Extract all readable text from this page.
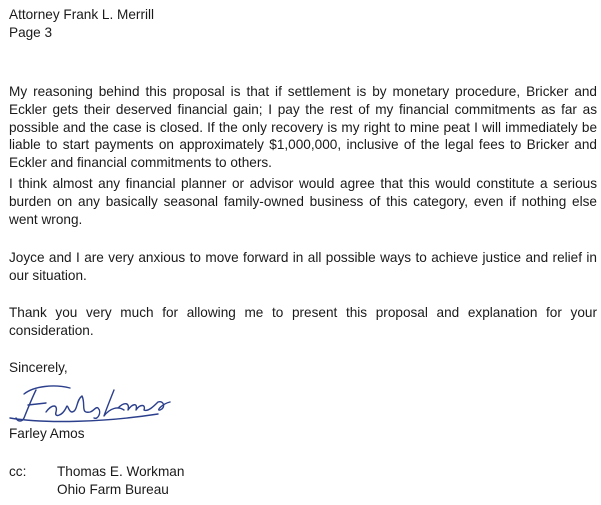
Attorney Frank L. Merrill
Page 3

My reasoning behind this proposal is that if settlement is by monetary procedure, Bricker and Eckler gets their deserved financial gain; I pay the rest of my financial commitments as far as possible and the case is closed. If the only recovery is my right to mine peat I will immediately be liable to start payments on approximately $1,000,000, inclusive of the legal fees to Bricker and Eckler and financial commitments to others.

I think almost any financial planner or advisor would agree that this would constitute a serious burden on any basically seasonal family-owned business of this category, even if nothing else went wrong.

Joyce and I are very anxious to move forward in all possible ways to achieve justice and relief in our situation.

Thank you very much for allowing me to present this proposal and explanation for your consideration.

Sincerely,
Farley Amos
cc: Thomas E. Workman
Ohio Farm Bureau
